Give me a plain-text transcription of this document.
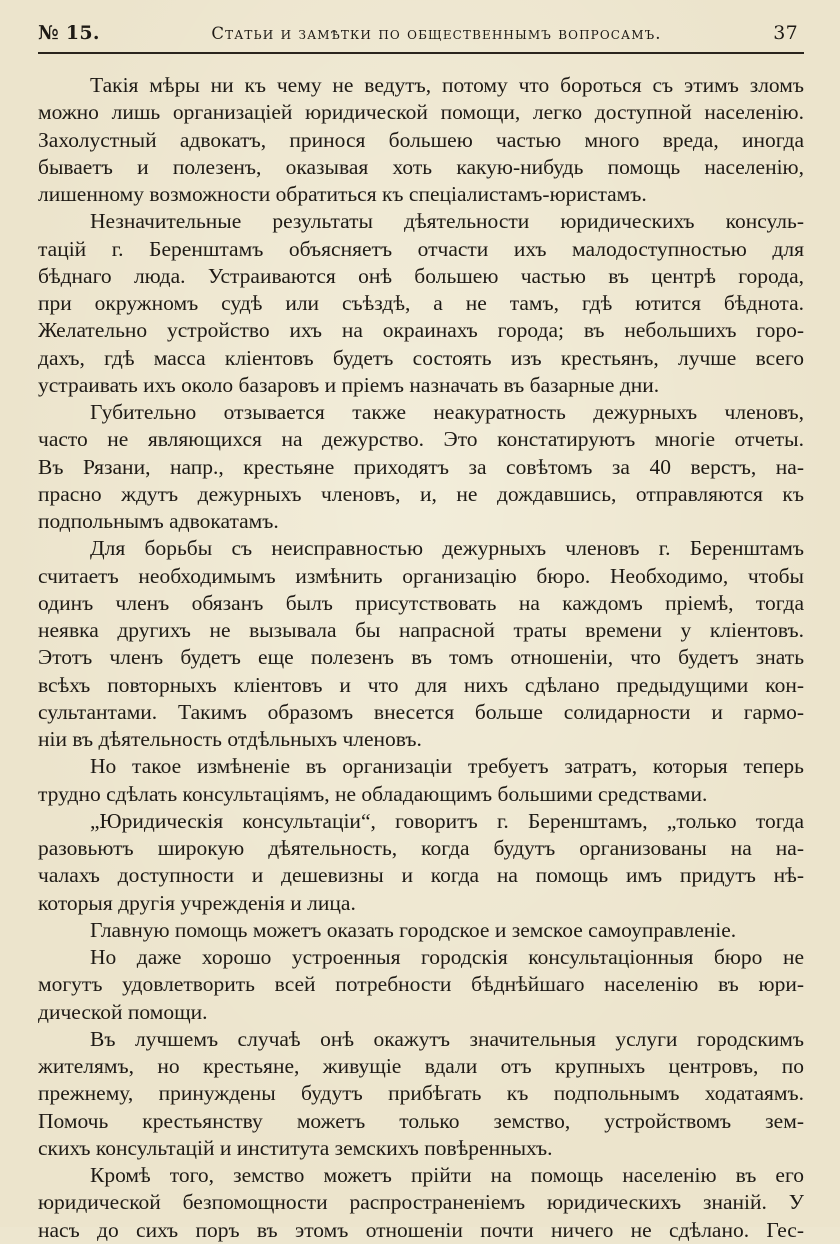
№ 15.	Статьи и замѣтки по общественнымъ вопросамъ.	37
Такія мѣры ни къ чему не ведутъ, потому что бороться съ этимъ зломъ
можно лишь организаціей юридической помощи, легко доступной населенію.
Захолустный адвокатъ, принося большею частью много вреда, иногда
бываетъ и полезенъ, оказывая хоть какую-нибудь помощь населенію,
лишенному возможности обратиться къ спеціалистамъ-юристамъ.
Незначительные результаты дѣятельности юридическихъ консуль-
тацій г. Беренштамъ объясняетъ отчасти ихъ малодоступностью для
бѣднаго люда. Устраиваются онѣ большею частью въ центрѣ города,
при окружномъ судѣ или съѣздѣ, а не тамъ, гдѣ ютится бѣднота.
Желательно устройство ихъ на окраинахъ города; въ небольшихъ горо-
дахъ, гдѣ масса кліентовъ будетъ состоять изъ крестьянъ, лучше всего
устраивать ихъ около базаровъ и пріемъ назначать въ базарные дни.
Губительно отзывается также неакуратность дежурныхъ членовъ,
часто не являющихся на дежурство. Это констатируютъ многіе отчеты.
Въ Рязани, напр., крестьяне приходятъ за совѣтомъ за 40 верстъ, на-
прасно ждутъ дежурныхъ членовъ, и, не дождавшись, отправляются къ
подпольнымъ адвокатамъ.
Для борьбы съ неисправностью дежурныхъ членовъ г. Беренштамъ
считаетъ необходимымъ измѣнить организацію бюро. Необходимо, чтобы
одинъ членъ обязанъ былъ присутствовать на каждомъ пріемѣ, тогда
неявка другихъ не вызывала бы напрасной траты времени у кліентовъ.
Этотъ членъ будетъ еще полезенъ въ томъ отношеніи, что будетъ знать
всѣхъ повторныхъ кліентовъ и что для нихъ сдѣлано предыдущими кон-
сультантами. Такимъ образомъ внесется больше солидарности и гармо-
ніи въ дѣятельность отдѣльныхъ членовъ.
Но такое измѣненіе въ организаціи требуетъ затратъ, которыя теперь
трудно сдѣлать консультаціямъ, не обладающимъ большими средствами.
„Юридическія консультаціи“, говоритъ г. Беренштамъ, „только тогда
разовьютъ широкую дѣятельность, когда будутъ организованы на на-
чалахъ доступности и дешевизны и когда на помощь имъ придутъ нѣ-
которыя другія учрежденія и лица.
Главную помощь можетъ оказать городское и земское самоуправленіе.
Но даже хорошо устроенныя городскія консультаціонныя бюро не
могутъ удовлетворить всей потребности бѣднѣйшаго населенію въ юри-
дической помощи.
Въ лучшемъ случаѣ онѣ окажутъ значительныя услуги городскимъ
жителямъ, но крестьяне, живущіе вдали отъ крупныхъ центровъ, по
прежнему, принуждены будутъ прибѣгать къ подпольнымъ ходатаямъ.
Помочь крестьянству можетъ только земство, устройствомъ зем-
скихъ консультацій и института земскихъ повѣренныхъ.
Кромѣ того, земство можетъ прійти на помощь населенію въ его
юридической безпомощности распространеніемъ юридическихъ знаній. У
насъ до сихъ поръ въ этомъ отношеніи почти ничего не сдѣлано. Гес-
